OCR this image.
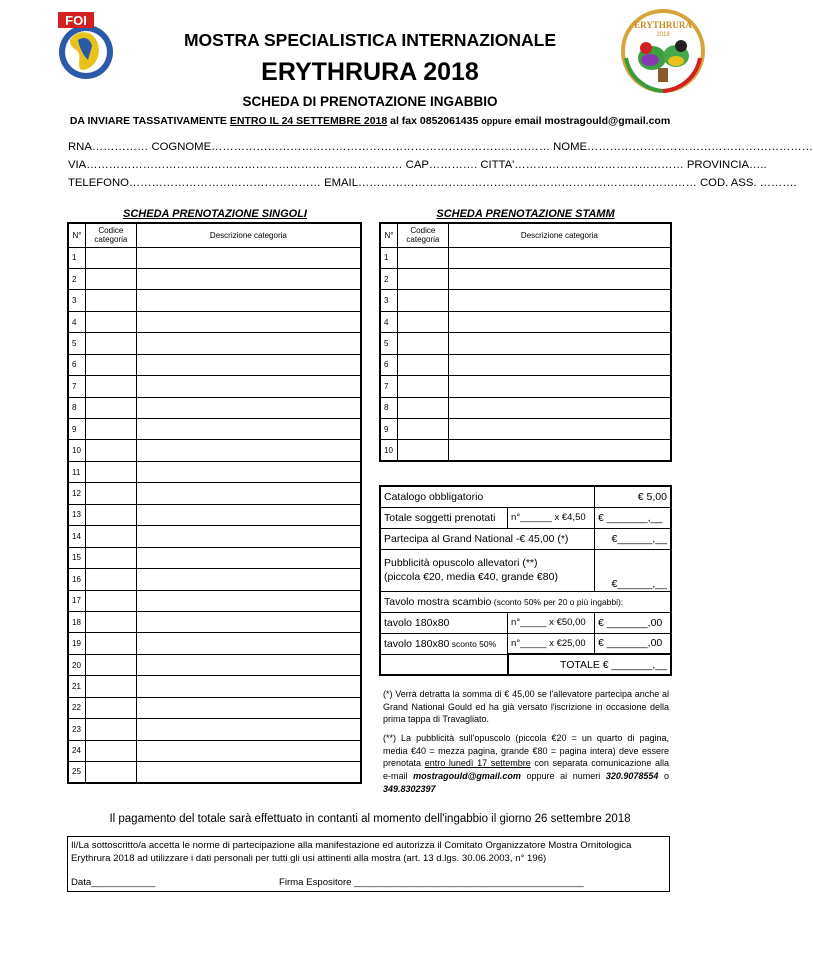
FOI	ERYTHRURA
2018
MOSTRA SPECIALISTICA INTERNAZIONALE
ERYTHRURA 2018
SCHEDA DI PRENOTAZIONE INGABBIO
DA INVIARE TASSATIVAMENTE ENTRO IL 24 SETTEMBRE 2018 al fax 0852061435 oppure email mostragould@gmail.com
RNA…………… COGNOME……………………………………………………………………………… NOME……………………………………………………
VIA………………………………………………………………………… CAP…………. CITTA'……………………………………… PROVINCIA…..
TELEFONO…………………………………………… EMAIL……………………………………………………………………………… COD. ASS. ……….
SCHEDA PRENOTAZIONE SINGOLI
N°	Codice categoria	Descrizione categoria
1		
2		
3		
4		
5		
6		
7		
8		
9		
10		
11		
12		
13		
14		
15		
16		
17		
18		
19		
20		
21		
22		
23		
24		
25		
SCHEDA PRENOTAZIONE STAMM
N°	Codice categoria	Descrizione categoria
1		
2		
3		
4		
5		
6		
7		
8		
9		
10		
Catalogo obbligatorio		€ 5,00
Totale soggetti prenotati	n°______ x €4,50	€ _______,__
Partecipa al Grand National -€ 45,00 (*)		€______,__

Pubblicità opuscolo allevatori (**)
(piccola €20, media €40, grande €80)		€______,__
Tavolo mostra scambio (sconto 50% per 20 o più ingabbi):		
tavolo 180x80	n°_____ x €50,00	€ _______,00
tavolo 180x80 sconto 50%	n°_____ x €25,00	€ _______,00
	TOTALE € _______,__	
(*) Verrà detratta la somma di € 45,00 se l'allevatore partecipa anche al Grand National Gould ed ha già versato l'iscrizione in occasione della prima tappa di Travagliato.
(**) La pubblicità sull'opuscolo (piccola €20 = un quarto di pagina, media €40 = mezza pagina, grande €80 = pagina intera) deve essere prenotata entro lunedì 17 settembre con separata comunicazione alla e-mail mostragould@gmail.com oppure ai numeri 320.9078554 o 349.8302397
Il pagamento del totale sarà effettuato in contanti al momento dell'ingabbio il giorno 26 settembre 2018
Il/La sottoscritto/a accetta le norme di partecipazione alla manifestazione ed autorizza il Comitato Organizzatore Mostra Ornitologica Erythrura 2018 ad utilizzare i dati personali per tutti gli usi attinenti alla mostra (art. 13 d.lgs. 30.06.2003, n° 196)
Data____________	Firma Espositore ___________________________________________
